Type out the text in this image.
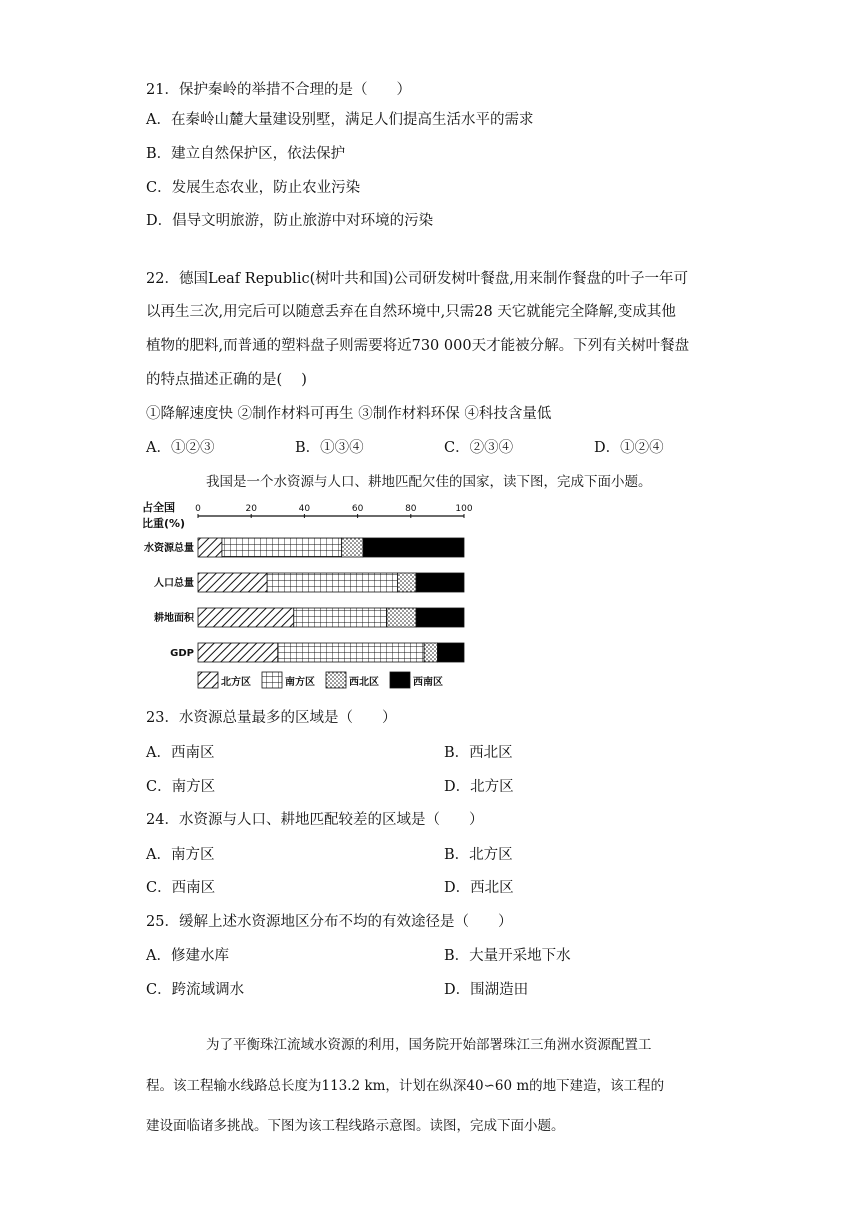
21．保护秦岭的举措不合理的是（　　）
A．在秦岭山麓大量建设别墅，满足人们提高生活水平的需求
B．建立自然保护区，依法保护
C．发展生态农业，防止农业污染
D．倡导文明旅游，防止旅游中对环境的污染
22．德国Leaf Republic(树叶共和国)公司研发树叶餐盘,用来制作餐盘的叶子一年可
以再生三次,用完后可以随意丢弃在自然环境中,只需28 天它就能完全降解,变成其他
植物的肥料,而普通的塑料盘子则需要将近730 000天才能被分解。下列有关树叶餐盘
的特点描述正确的是(　 )
①降解速度快 ②制作材料可再生 ③制作材料环保 ④科技含量低
A．①②③	B．①③④	C．②③④	D．①②④
我国是一个水资源与人口、耕地匹配欠佳的国家，读下图，完成下面小题。
占全国
比重(%)
0	20	40	60	80	100
水资源总量
人口总量
耕地面积
GDP
北方区	南方区	西北区	西南区
23．水资源总量最多的区域是（　　）
A．西南区	B．西北区
C．南方区	D．北方区
24．水资源与人口、耕地匹配较差的区域是（　　）
A．南方区	B．北方区
C．西南区	D．西北区
25．缓解上述水资源地区分布不均的有效途径是（　　）
A．修建水库	B．大量开采地下水
C．跨流域调水	D．围湖造田
为了平衡珠江流域水资源的利用，国务院开始部署珠江三角洲水资源配置工
程。该工程输水线路总长度为113.2 km，计划在纵深40∽60 m的地下建造，该工程的
建设面临诸多挑战。下图为该工程线路示意图。读图，完成下面小题。
